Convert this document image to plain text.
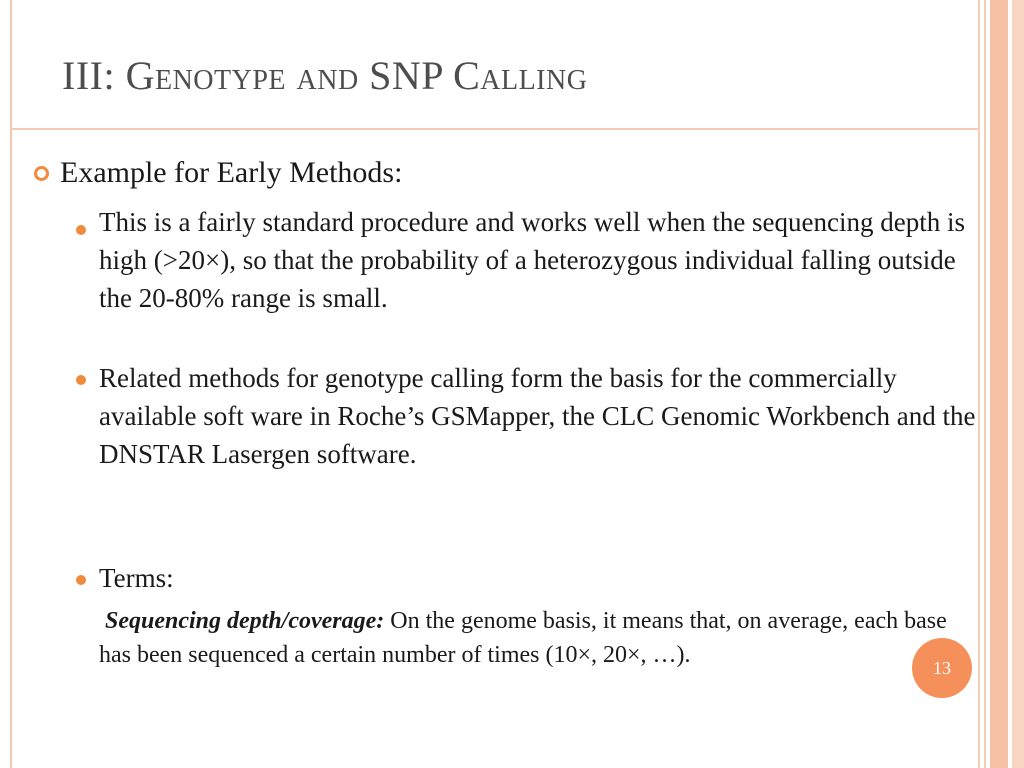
III: Genotype and SNP Calling
Example for Early Methods:
This is a fairly standard procedure and works well when the sequencing depth is high (>20×), so that the probability of a heterozygous individual falling outside the 20-80% range is small.
Related methods for genotype calling form the basis for the commercially available soft ware in Roche’s GSMapper, the CLC Genomic Workbench and the DNSTAR Lasergen software.
Terms:
Sequencing depth/coverage: On the genome basis, it means that, on average, each base has been sequenced a certain number of times (10×, 20×, …).	13
